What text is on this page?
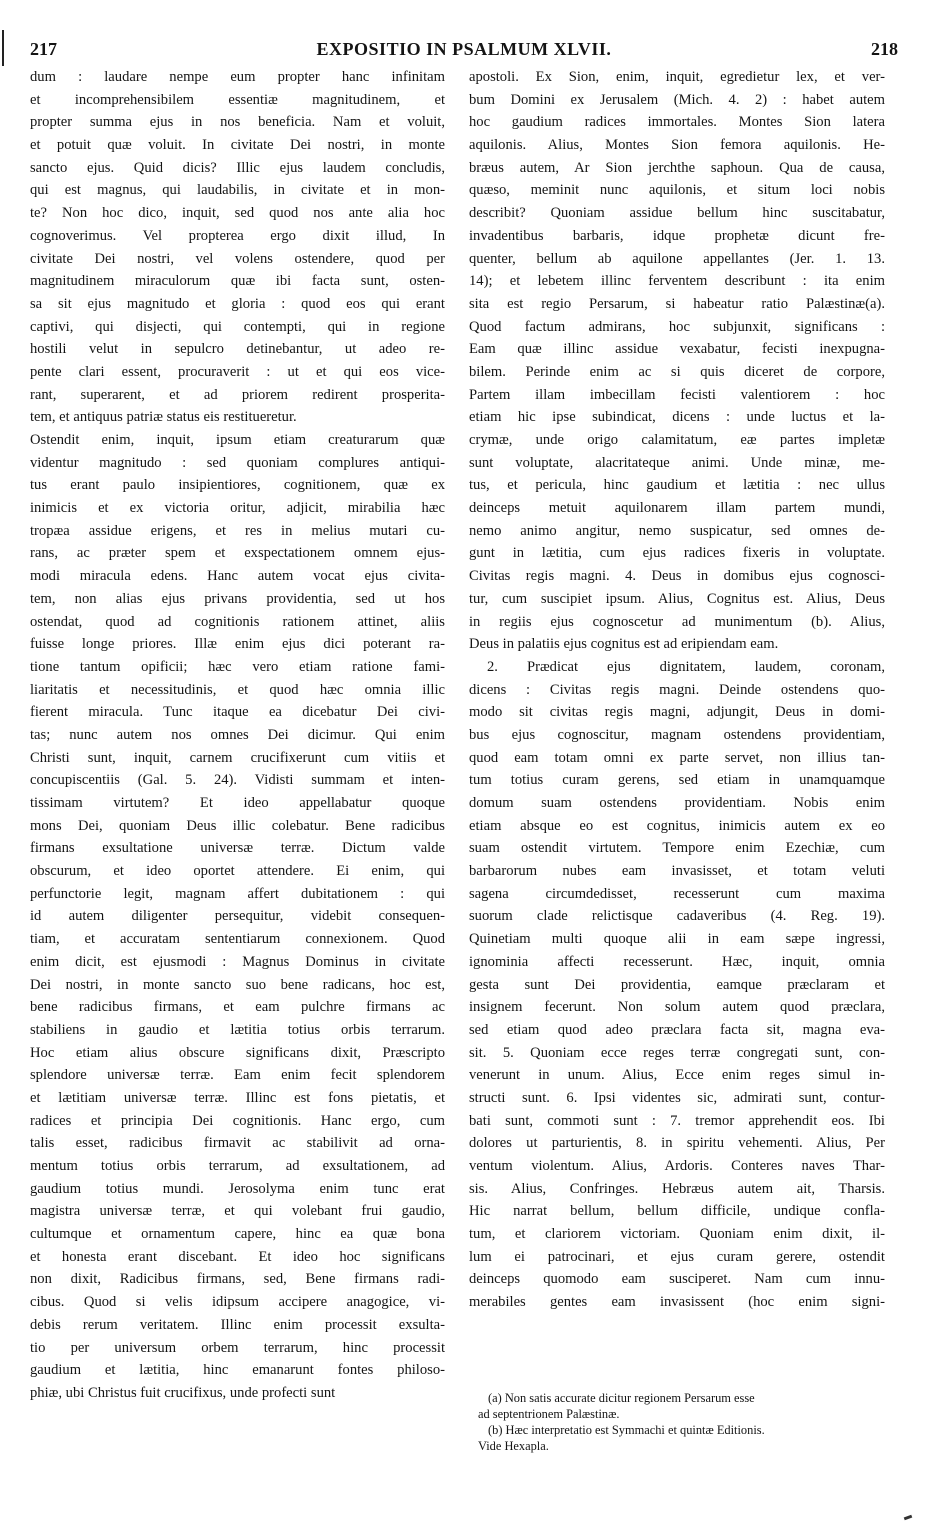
217	EXPOSITIO IN PSALMUM XLVII.	218
dum : laudare nempe eum propter hanc infinitam
et incomprehensibilem essentiæ magnitudinem, et
propter summa ejus in nos beneficia. Nam et voluit,
et potuit quæ voluit. In civitate Dei nostri, in monte
sancto ejus. Quid dicis? Illic ejus laudem concludis,
qui est magnus, qui laudabilis, in civitate et in mon-
te? Non hoc dico, inquit, sed quod nos ante alia hoc
cognoverimus. Vel propterea ergo dixit illud, In
civitate Dei nostri, vel volens ostendere, quod per
magnitudinem miraculorum quæ ibi facta sunt, osten-
sa sit ejus magnitudo et gloria : quod eos qui erant
captivi, qui disjecti, qui contempti, qui in regione
hostili velut in sepulcro detinebantur, ut adeo re-
pente clari essent, procuraverit : ut et qui eos vice-
rant, superarent, et ad priorem redirent prosperita-
tem, et antiquus patriæ status eis restitueretur.
Ostendit enim, inquit, ipsum etiam creaturarum quæ
videntur magnitudo : sed quoniam complures antiqui-
tus erant paulo insipientiores, cognitionem, quæ ex
inimicis et ex victoria oritur, adjicit, mirabilia hæc
tropæa assidue erigens, et res in melius mutari cu-
rans, ac præter spem et exspectationem omnem ejus-
modi miracula edens. Hanc autem vocat ejus civita-
tem, non alias ejus privans providentia, sed ut hos
ostendat, quod ad cognitionis rationem attinet, aliis
fuisse longe priores. Illæ enim ejus dici poterant ra-
tione tantum opificii; hæc vero etiam ratione fami-
liaritatis et necessitudinis, et quod hæc omnia illic
fierent miracula. Tunc itaque ea dicebatur Dei civi-
tas; nunc autem nos omnes Dei dicimur. Qui enim
Christi sunt, inquit, carnem crucifixerunt cum vitiis et
concupiscentiis (Gal. 5. 24). Vidisti summam et inten-
tissimam virtutem? Et ideo appellabatur quoque
mons Dei, quoniam Deus illic colebatur. Bene radicibus
firmans exsultatione universæ terræ. Dictum valde
obscurum, et ideo oportet attendere. Ei enim, qui
perfunctorie legit, magnam affert dubitationem : qui
id autem diligenter persequitur, videbit consequen-
tiam, et accuratam sententiarum connexionem. Quod
enim dicit, est ejusmodi : Magnus Dominus in civitate
Dei nostri, in monte sancto suo bene radicans, hoc est,
bene radicibus firmans, et eam pulchre firmans ac
stabiliens in gaudio et lætitia totius orbis terrarum.
Hoc etiam alius obscure significans dixit, Præscripto
splendore universæ terræ. Eam enim fecit splendorem
et lætitiam universæ terræ. Illinc est fons pietatis, et
radices et principia Dei cognitionis. Hanc ergo, cum
talis esset, radicibus firmavit ac stabilivit ad orna-
mentum totius orbis terrarum, ad exsultationem, ad
gaudium totius mundi. Jerosolyma enim tunc erat
magistra universæ terræ, et qui volebant frui gaudio,
cultumque et ornamentum capere, hinc ea quæ bona
et honesta erant discebant. Et ideo hoc significans
non dixit, Radicibus firmans, sed, Bene firmans radi-
cibus. Quod si velis idipsum accipere anagogice, vi-
debis rerum veritatem. Illinc enim processit exsulta-
tio per universum orbem terrarum, hinc processit
gaudium et lætitia, hinc emanarunt fontes philoso-
phiæ, ubi Christus fuit crucifixus, unde profecti sunt
apostoli. Ex Sion, enim, inquit, egredietur lex, et ver-
bum Domini ex Jerusalem (Mich. 4. 2) : habet autem
hoc gaudium radices immortales. Montes Sion latera
aquilonis. Alius, Montes Sion femora aquilonis. He-
bræus autem, Ar Sion jerchthe saphoun. Qua de causa,
quæso, meminit nunc aquilonis, et situm loci nobis
describit? Quoniam assidue bellum hinc suscitabatur,
invadentibus barbaris, idque prophetæ dicunt fre-
quenter, bellum ab aquilone appellantes (Jer. 1. 13.
14); et lebetem illinc ferventem describunt : ita enim
sita est regio Persarum, si habeatur ratio Palæstinæ(a).
Quod factum admirans, hoc subjunxit, significans :
Eam quæ illinc assidue vexabatur, fecisti inexpugna-
bilem. Perinde enim ac si quis diceret de corpore,
Partem illam imbecillam fecisti valentiorem : hoc
etiam hic ipse subindicat, dicens : unde luctus et la-
crymæ, unde origo calamitatum, eæ partes impletæ
sunt voluptate, alacritateque animi. Unde minæ, me-
tus, et pericula, hinc gaudium et lætitia : nec ullus
deinceps metuit aquilonarem illam partem mundi,
nemo animo angitur, nemo suspicatur, sed omnes de-
gunt in lætitia, cum ejus radices fixeris in voluptate.
Civitas regis magni. 4. Deus in domibus ejus cognosci-
tur, cum suscipiet ipsum. Alius, Cognitus est. Alius, Deus
in regiis ejus cognoscetur ad munimentum (b). Alius,
Deus in palatiis ejus cognitus est ad eripiendam eam.
2. Prædicat ejus dignitatem, laudem, coronam,
dicens : Civitas regis magni. Deinde ostendens quo-
modo sit civitas regis magni, adjungit, Deus in domi-
bus ejus cognoscitur, magnam ostendens providentiam,
quod eam totam omni ex parte servet, non illius tan-
tum totius curam gerens, sed etiam in unamquamque
domum suam ostendens providentiam. Nobis enim
etiam absque eo est cognitus, inimicis autem ex eo
suam ostendit virtutem. Tempore enim Ezechiæ, cum
barbarorum nubes eam invasisset, et totam veluti
sagena circumdedisset, recesserunt cum maxima
suorum clade relictisque cadaveribus (4. Reg. 19).
Quinetiam multi quoque alii in eam sæpe ingressi,
ignominia affecti recesserunt. Hæc, inquit, omnia
gesta sunt Dei providentia, eamque præclaram et
insignem fecerunt. Non solum autem quod præclara,
sed etiam quod adeo præclara facta sit, magna eva-
sit. 5. Quoniam ecce reges terræ congregati sunt, con-
venerunt in unum. Alius, Ecce enim reges simul in-
structi sunt. 6. Ipsi videntes sic, admirati sunt, contur-
bati sunt, commoti sunt : 7. tremor apprehendit eos. Ibi
dolores ut parturientis, 8. in spiritu vehementi. Alius, Per
ventum violentum. Alius, Ardoris. Conteres naves Thar-
sis. Alius, Confringes. Hebræus autem ait, Tharsis.
Hic narrat bellum, bellum difficile, undique confla-
tum, et clariorem victoriam. Quoniam enim dixit, il-
lum ei patrocinari, et ejus curam gerere, ostendit
deinceps quomodo eam susciperet. Nam cum innu-
merabiles gentes eam invasissent (hoc enim signi-
(a) Non satis accurate dicitur regionem Persarum esse
ad septentrionem Palæstinæ.
(b) Hæc interpretatio est Symmachi et quintæ Editionis.
Vide Hexapla.
